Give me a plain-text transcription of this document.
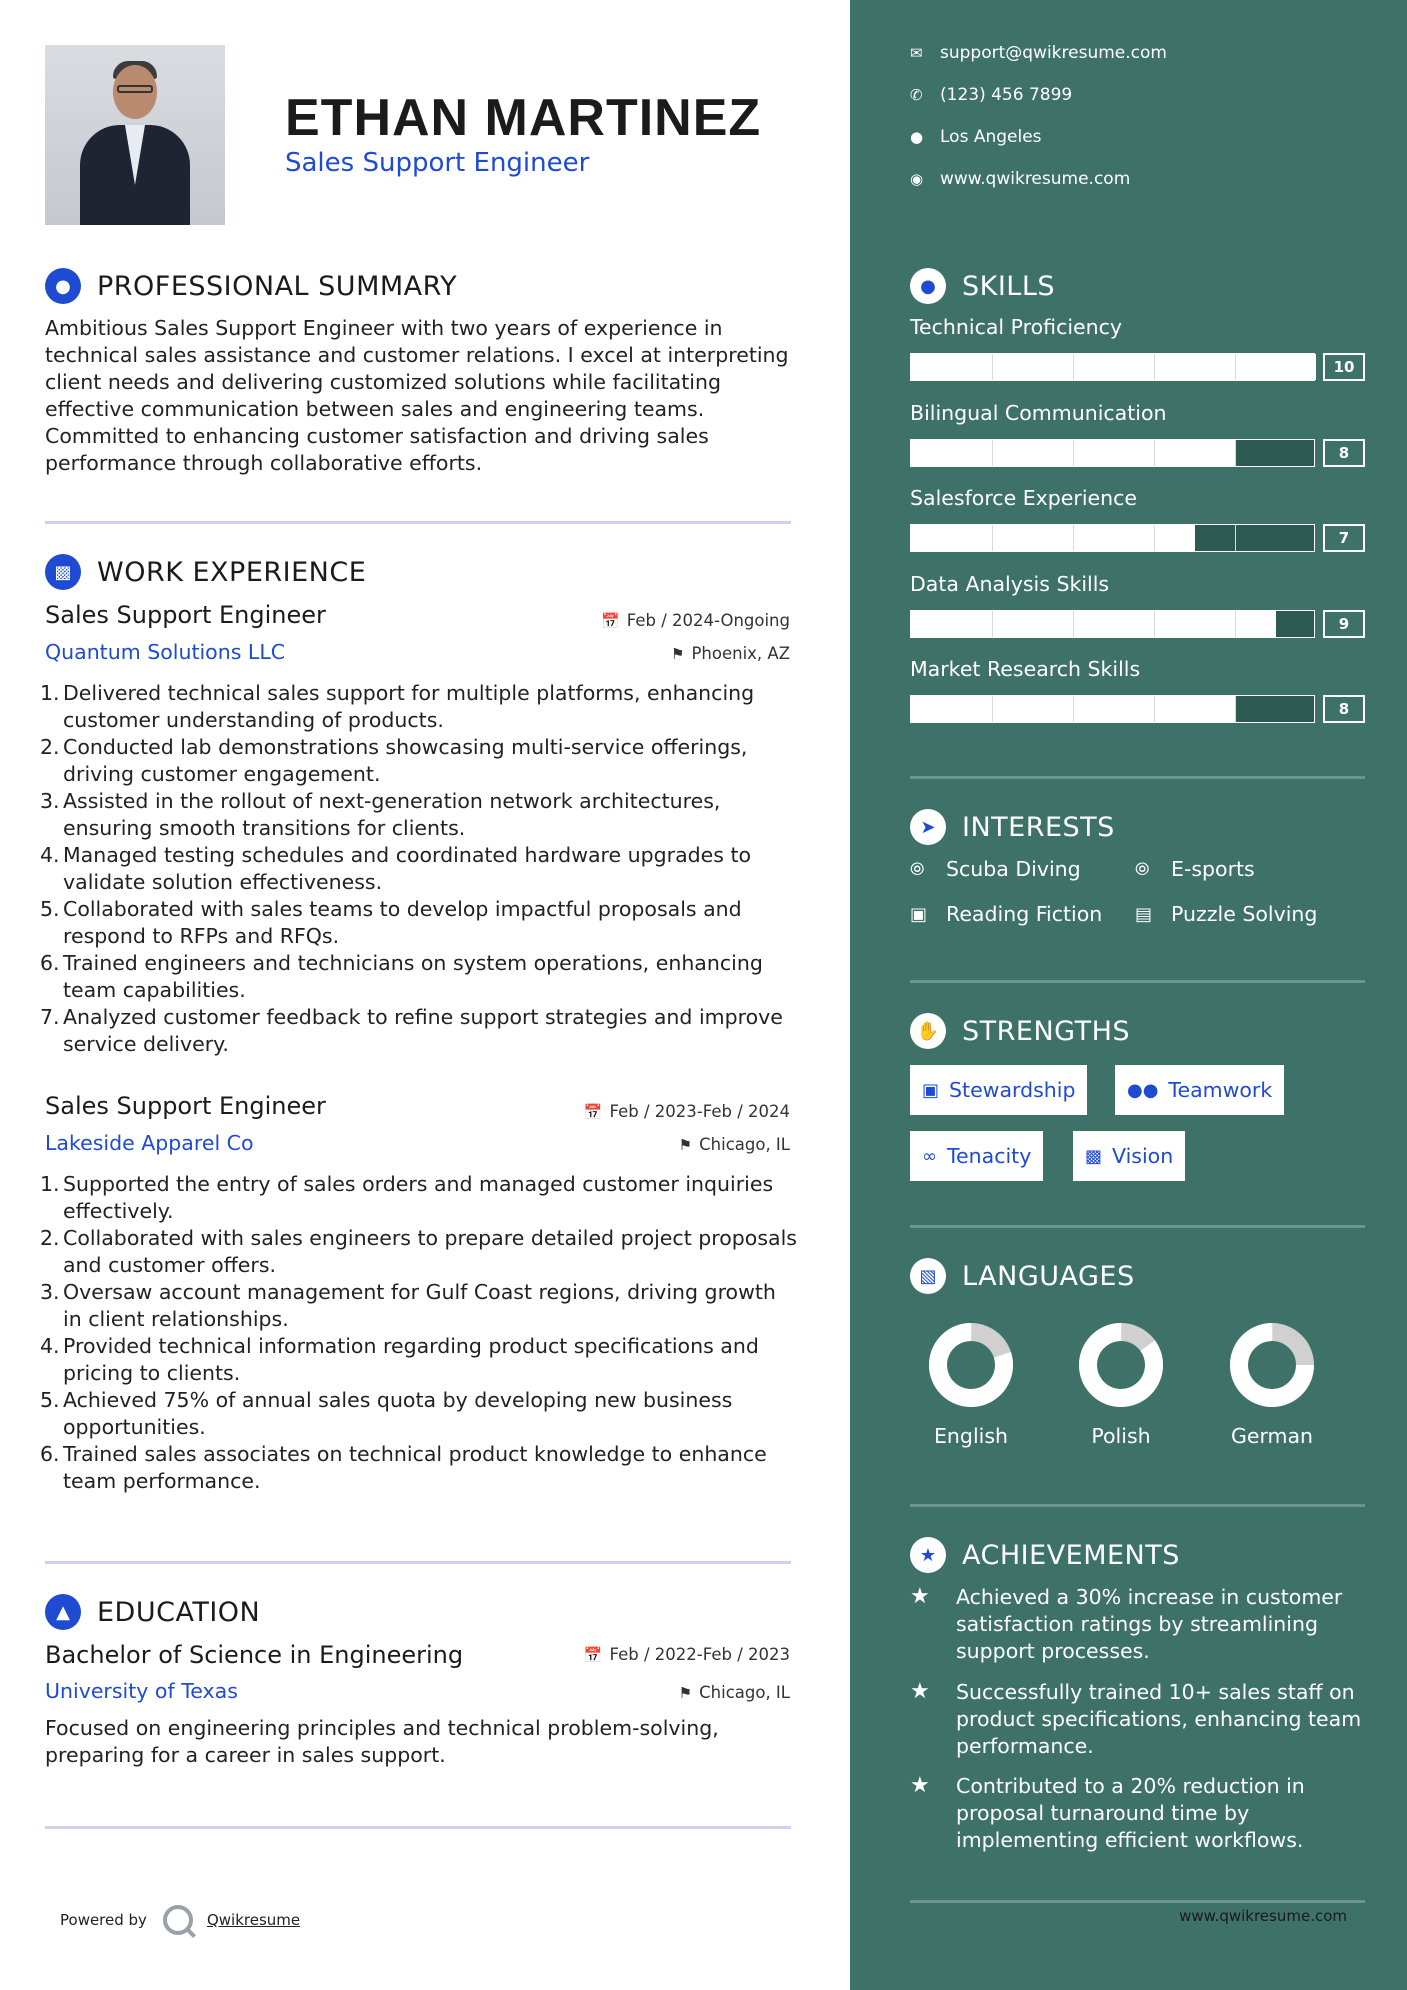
ETHAN MARTINEZ
Sales Support Engineer
● PROFESSIONAL SUMMARY
Ambitious Sales Support Engineer with two years of experience in technical sales assistance and customer relations. I excel at interpreting client needs and delivering customized solutions while facilitating effective communication between sales and engineering teams. Committed to enhancing customer satisfaction and driving sales performance through collaborative efforts.
▩ WORK EXPERIENCE
Sales Support Engineer	📅 Feb / 2024-Ongoing
Quantum Solutions LLC	⚑ Phoenix, AZ
1. Delivered technical sales support for multiple platforms, enhancing customer understanding of products.
2. Conducted lab demonstrations showcasing multi-service offerings, driving customer engagement.
3. Assisted in the rollout of next-generation network architectures, ensuring smooth transitions for clients.
4. Managed testing schedules and coordinated hardware upgrades to validate solution effectiveness.
5. Collaborated with sales teams to develop impactful proposals and respond to RFPs and RFQs.
6. Trained engineers and technicians on system operations, enhancing team capabilities.
7. Analyzed customer feedback to refine support strategies and improve service delivery.
Sales Support Engineer	📅 Feb / 2023-Feb / 2024
Lakeside Apparel Co	⚑ Chicago, IL
1. Supported the entry of sales orders and managed customer inquiries effectively.
2. Collaborated with sales engineers to prepare detailed project proposals and customer offers.
3. Oversaw account management for Gulf Coast regions, driving growth in client relationships.
4. Provided technical information regarding product specifications and pricing to clients.
5. Achieved 75% of annual sales quota by developing new business opportunities.
6. Trained sales associates on technical product knowledge to enhance team performance.
▲	EDUCATION
Bachelor of Science in Engineering	📅 Feb / 2022-Feb / 2023
University of Texas	⚑ Chicago, IL
Focused on engineering principles and technical problem-solving, preparing for a career in sales support.
Powered by	Qwikresume
✉	support@qwikresume.com
✆	(123) 456 7899
● Los Angeles
◉ www.qwikresume.com
● SKILLS
Technical Proficiency
10
Bilingual Communication
8
Salesforce Experience
7
Data Analysis Skills
9
Market Research Skills
8
➤ INTERESTS
⦾	Scuba Diving	⦾	E-sports
▣ Reading Fiction ▤ Puzzle Solving
✋ STRENGTHS
▣ Stewardship	●● Teamwork
∞ Tenacity	▩ Vision
▧ LANGUAGES
English	Polish	German
★ ACHIEVEMENTS
★	Achieved a 30% increase in customer satisfaction ratings by streamlining support processes.
★	Successfully trained 10+ sales staff on product specifications, enhancing team performance.
★	Contributed to a 20% reduction in proposal turnaround time by implementing efficient workflows.
www.qwikresume.com
